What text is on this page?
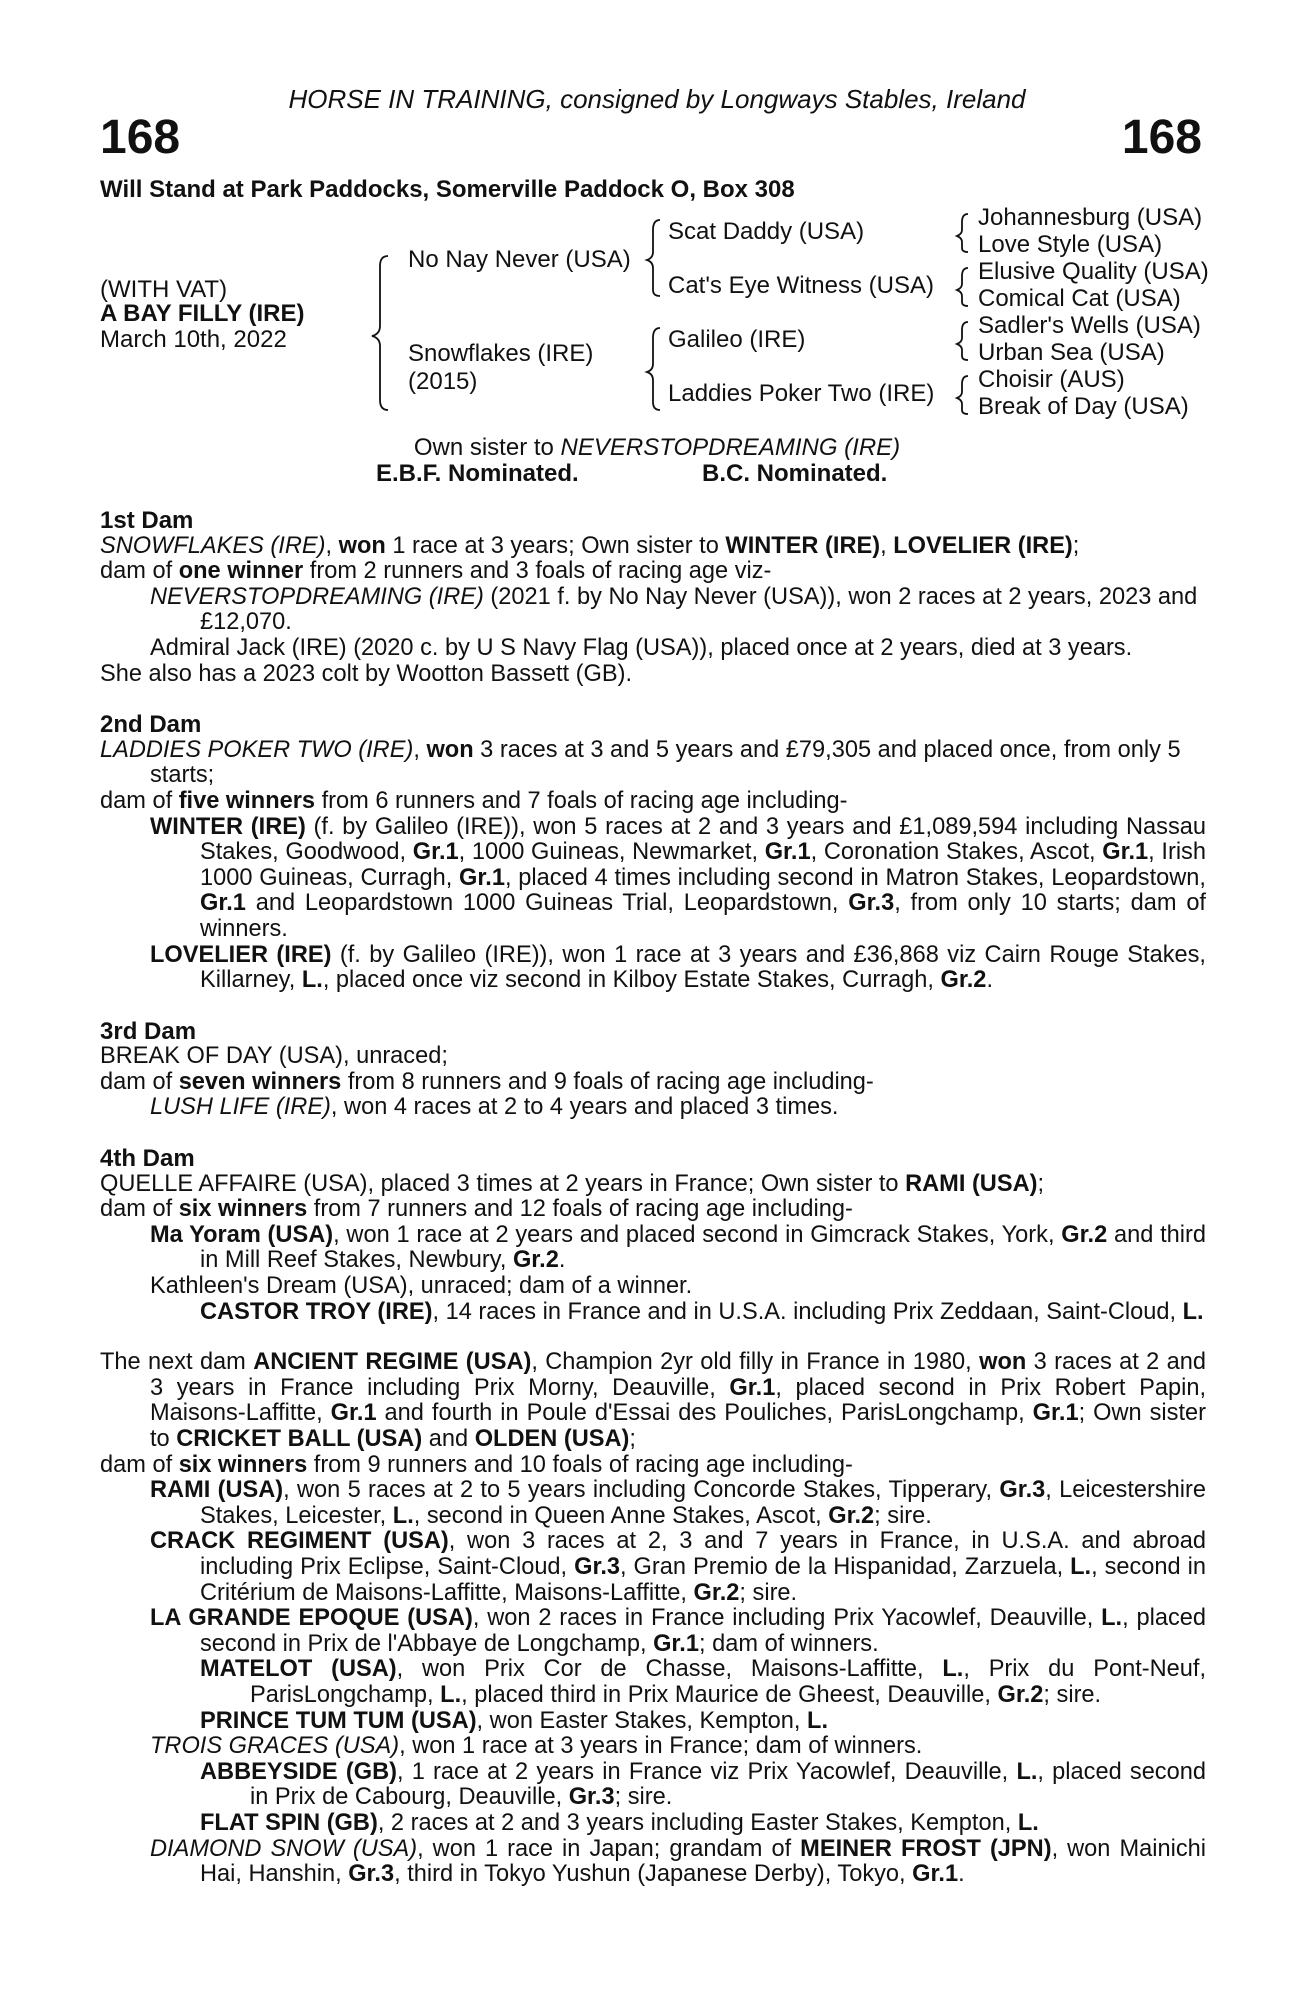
HORSE IN TRAINING, consigned by Longways Stables, Ireland
168	168
Will Stand at Park Paddocks, Somerville Paddock O, Box 308
(WITH VAT)
A BAY FILLY (IRE)
March 10th, 2022
No Nay Never (USA)
Snowflakes (IRE)
(2015)
Scat Daddy (USA)
Cat's Eye Witness (USA)
Galileo (IRE)
Laddies Poker Two (IRE)
Johannesburg (USA)
Love Style (USA)
Elusive Quality (USA)
Comical Cat (USA)
Sadler's Wells (USA)
Urban Sea (USA)
Choisir (AUS)
Break of Day (USA)
Own sister to NEVERSTOPDREAMING (IRE)
E.B.F. Nominated.	B.C. Nominated.
1st Dam

SNOWFLAKES (IRE), won 1 race at 3 years; Own sister to WINTER (IRE), LOVELIER (IRE);

dam of one winner from 2 runners and 3 foals of racing age viz-

NEVERSTOPDREAMING (IRE) (2021 f. by No Nay Never (USA)), won 2 races at 2 years, 2023 and £12,070.

Admiral Jack (IRE) (2020 c. by U S Navy Flag (USA)), placed once at 2 years, died at 3 years.

She also has a 2023 colt by Wootton Bassett (GB).

2nd Dam

LADDIES POKER TWO (IRE), won 3 races at 3 and 5 years and £79,305 and placed once, from only 5 starts;

dam of five winners from 6 runners and 7 foals of racing age including-

WINTER (IRE) (f. by Galileo (IRE)), won 5 races at 2 and 3 years and £1,089,594 including Nassau Stakes, Goodwood, Gr.1, 1000 Guineas, Newmarket, Gr.1, Coronation Stakes, Ascot, Gr.1, Irish 1000 Guineas, Curragh, Gr.1, placed 4 times including second in Matron Stakes, Leopardstown, Gr.1 and Leopardstown 1000 Guineas Trial, Leopardstown, Gr.3, from only 10 starts; dam of winners.

LOVELIER (IRE) (f. by Galileo (IRE)), won 1 race at 3 years and £36,868 viz Cairn Rouge Stakes, Killarney, L., placed once viz second in Kilboy Estate Stakes, Curragh, Gr.2.

3rd Dam

BREAK OF DAY (USA), unraced;

dam of seven winners from 8 runners and 9 foals of racing age including-

LUSH LIFE (IRE), won 4 races at 2 to 4 years and placed 3 times.

4th Dam

QUELLE AFFAIRE (USA), placed 3 times at 2 years in France; Own sister to RAMI (USA);

dam of six winners from 7 runners and 12 foals of racing age including-

Ma Yoram (USA), won 1 race at 2 years and placed second in Gimcrack Stakes, York, Gr.2 and third in Mill Reef Stakes, Newbury, Gr.2.

Kathleen's Dream (USA), unraced; dam of a winner.

CASTOR TROY (IRE), 14 races in France and in U.S.A. including Prix Zeddaan, Saint-Cloud, L.

The next dam ANCIENT REGIME (USA), Champion 2yr old filly in France in 1980, won 3 races at 2 and 3 years in France including Prix Morny, Deauville, Gr.1, placed second in Prix Robert Papin, Maisons-Laffitte, Gr.1 and fourth in Poule d'Essai des Pouliches, ParisLongchamp, Gr.1; Own sister to CRICKET BALL (USA) and OLDEN (USA);

dam of six winners from 9 runners and 10 foals of racing age including-

RAMI (USA), won 5 races at 2 to 5 years including Concorde Stakes, Tipperary, Gr.3, Leicestershire Stakes, Leicester, L., second in Queen Anne Stakes, Ascot, Gr.2; sire.

CRACK REGIMENT (USA), won 3 races at 2, 3 and 7 years in France, in U.S.A. and abroad including Prix Eclipse, Saint-Cloud, Gr.3, Gran Premio de la Hispanidad, Zarzuela, L., second in Critérium de Maisons-Laffitte, Maisons-Laffitte, Gr.2; sire.

LA GRANDE EPOQUE (USA), won 2 races in France including Prix Yacowlef, Deauville, L., placed second in Prix de l'Abbaye de Longchamp, Gr.1; dam of winners.

MATELOT (USA), won Prix Cor de Chasse, Maisons-Laffitte, L., Prix du Pont-Neuf, ParisLongchamp, L., placed third in Prix Maurice de Gheest, Deauville, Gr.2; sire.

PRINCE TUM TUM (USA), won Easter Stakes, Kempton, L.

TROIS GRACES (USA), won 1 race at 3 years in France; dam of winners.

ABBEYSIDE (GB), 1 race at 2 years in France viz Prix Yacowlef, Deauville, L., placed second in Prix de Cabourg, Deauville, Gr.3; sire.

FLAT SPIN (GB), 2 races at 2 and 3 years including Easter Stakes, Kempton, L.

DIAMOND SNOW (USA), won 1 race in Japan; grandam of MEINER FROST (JPN), won Mainichi Hai, Hanshin, Gr.3, third in Tokyo Yushun (Japanese Derby), Tokyo, Gr.1.
